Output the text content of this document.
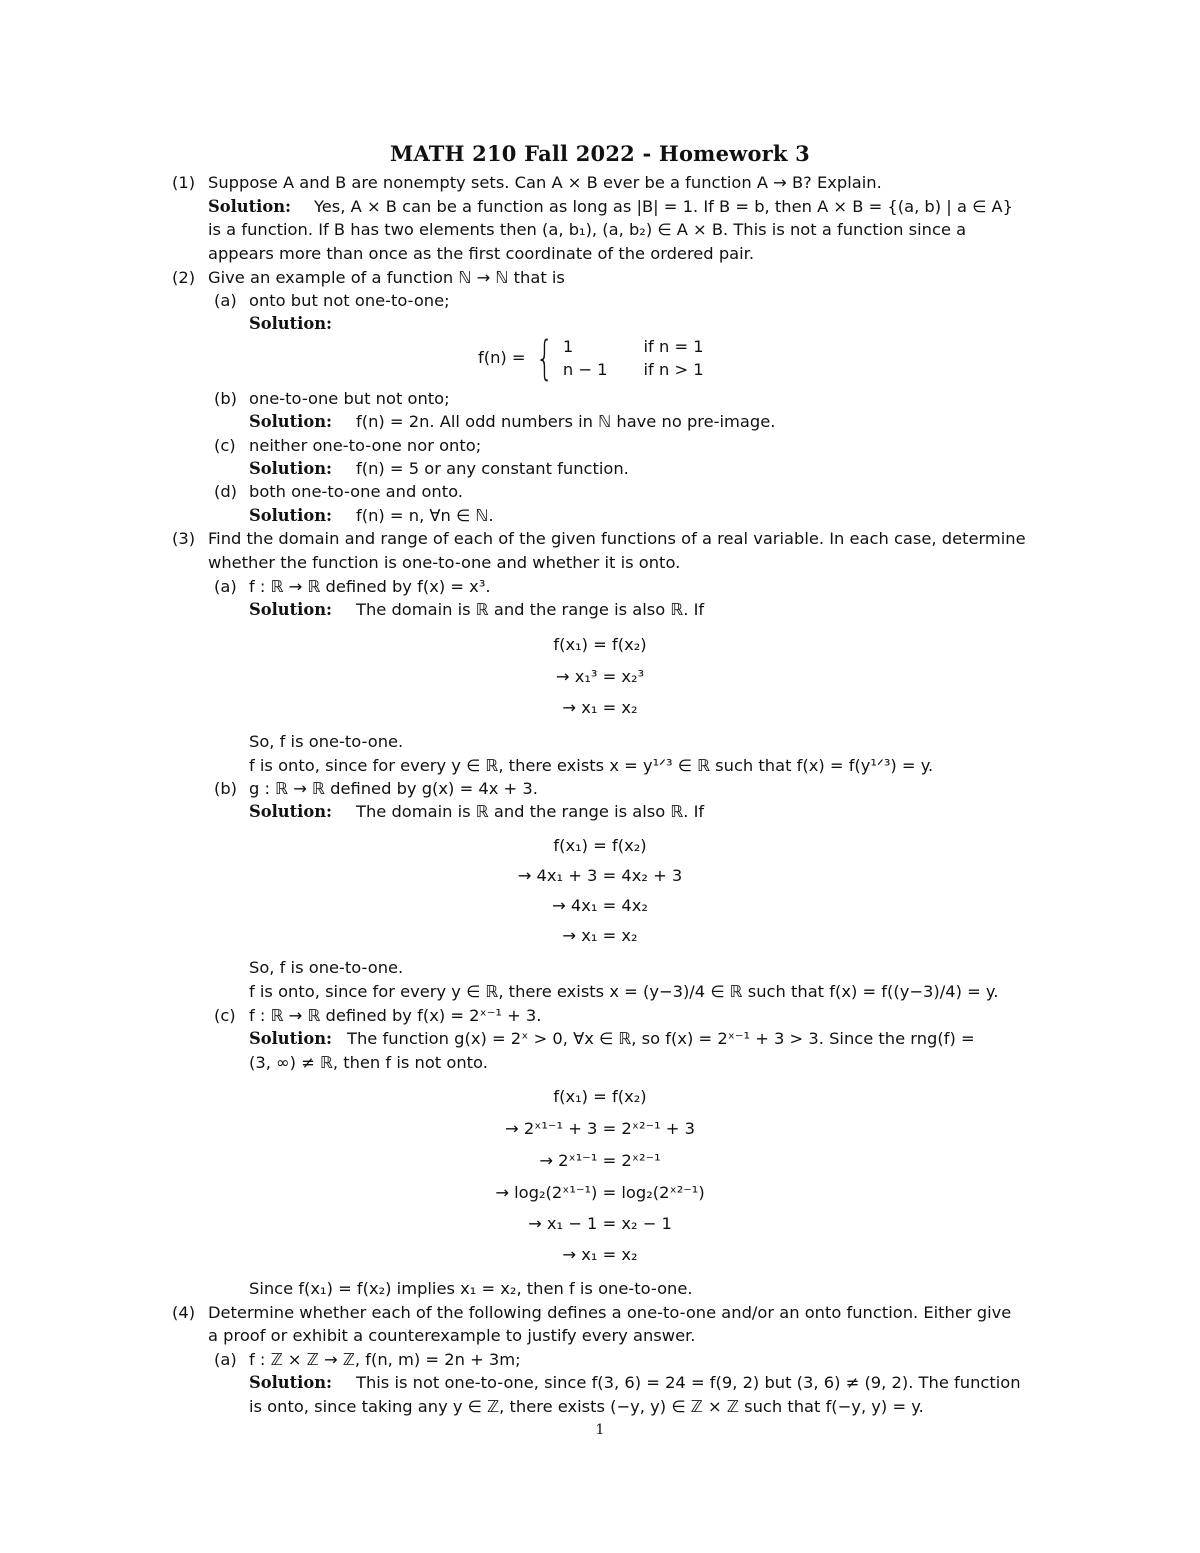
MATH 210 Fall 2022 - Homework 3
(1) Suppose A and B are nonempty sets. Can A × B ever be a function A → B? Explain.
Solution: Yes, A × B can be a function as long as |B| = 1. If B = b, then A × B = {(a, b) | a ∈ A}
is a function. If B has two elements then (a, b₁), (a, b₂) ∈ A × B. This is not a function since a
appears more than once as the first coordinate of the ordered pair.
(2) Give an example of a function ℕ → ℕ that is
(a) onto but not one-to-one;
Solution:
f(n) = { 1	if n = 1
n − 1 if n > 1
(b) one-to-one but not onto;
Solution: f(n) = 2n. All odd numbers in ℕ have no pre-image.
(c) neither one-to-one nor onto;
Solution: f(n) = 5 or any constant function.
(d) both one-to-one and onto.
Solution: f(n) = n, ∀n ∈ ℕ.
(3) Find the domain and range of each of the given functions of a real variable. In each case, determine
whether the function is one-to-one and whether it is onto.
(a) f : ℝ → ℝ defined by f(x) = x³.
Solution: The domain is ℝ and the range is also ℝ. If
f(x₁) = f(x₂)
→ x₁³ = x₂³
→ x₁ = x₂
So, f is one-to-one.
f is onto, since for every y ∈ ℝ, there exists x = y¹ᐟ³ ∈ ℝ such that f(x) = f(y¹ᐟ³) = y.
(b) g : ℝ → ℝ defined by g(x) = 4x + 3.
Solution: The domain is ℝ and the range is also ℝ. If
f(x₁) = f(x₂)
→ 4x₁ + 3 = 4x₂ + 3
→ 4x₁ = 4x₂
→ x₁ = x₂
So, f is one-to-one.
f is onto, since for every y ∈ ℝ, there exists x = (y−3)/4 ∈ ℝ such that f(x) = f((y−3)/4) = y.
(c) f : ℝ → ℝ defined by f(x) = 2ˣ⁻¹ + 3.
Solution: The function g(x) = 2ˣ > 0, ∀x ∈ ℝ, so f(x) = 2ˣ⁻¹ + 3 > 3. Since the rng(f) =
(3, ∞) ≠ ℝ, then f is not onto.
f(x₁) = f(x₂)
→ 2ˣ¹⁻¹ + 3 = 2ˣ²⁻¹ + 3
→ 2ˣ¹⁻¹ = 2ˣ²⁻¹
→ log₂(2ˣ¹⁻¹) = log₂(2ˣ²⁻¹)
→ x₁ − 1 = x₂ − 1
→ x₁ = x₂
Since f(x₁) = f(x₂) implies x₁ = x₂, then f is one-to-one.
(4) Determine whether each of the following defines a one-to-one and/or an onto function. Either give
a proof or exhibit a counterexample to justify every answer.
(a) f : ℤ × ℤ → ℤ, f(n, m) = 2n + 3m;
Solution: This is not one-to-one, since f(3, 6) = 24 = f(9, 2) but (3, 6) ≠ (9, 2). The function
is onto, since taking any y ∈ ℤ, there exists (−y, y) ∈ ℤ × ℤ such that f(−y, y) = y.
1
